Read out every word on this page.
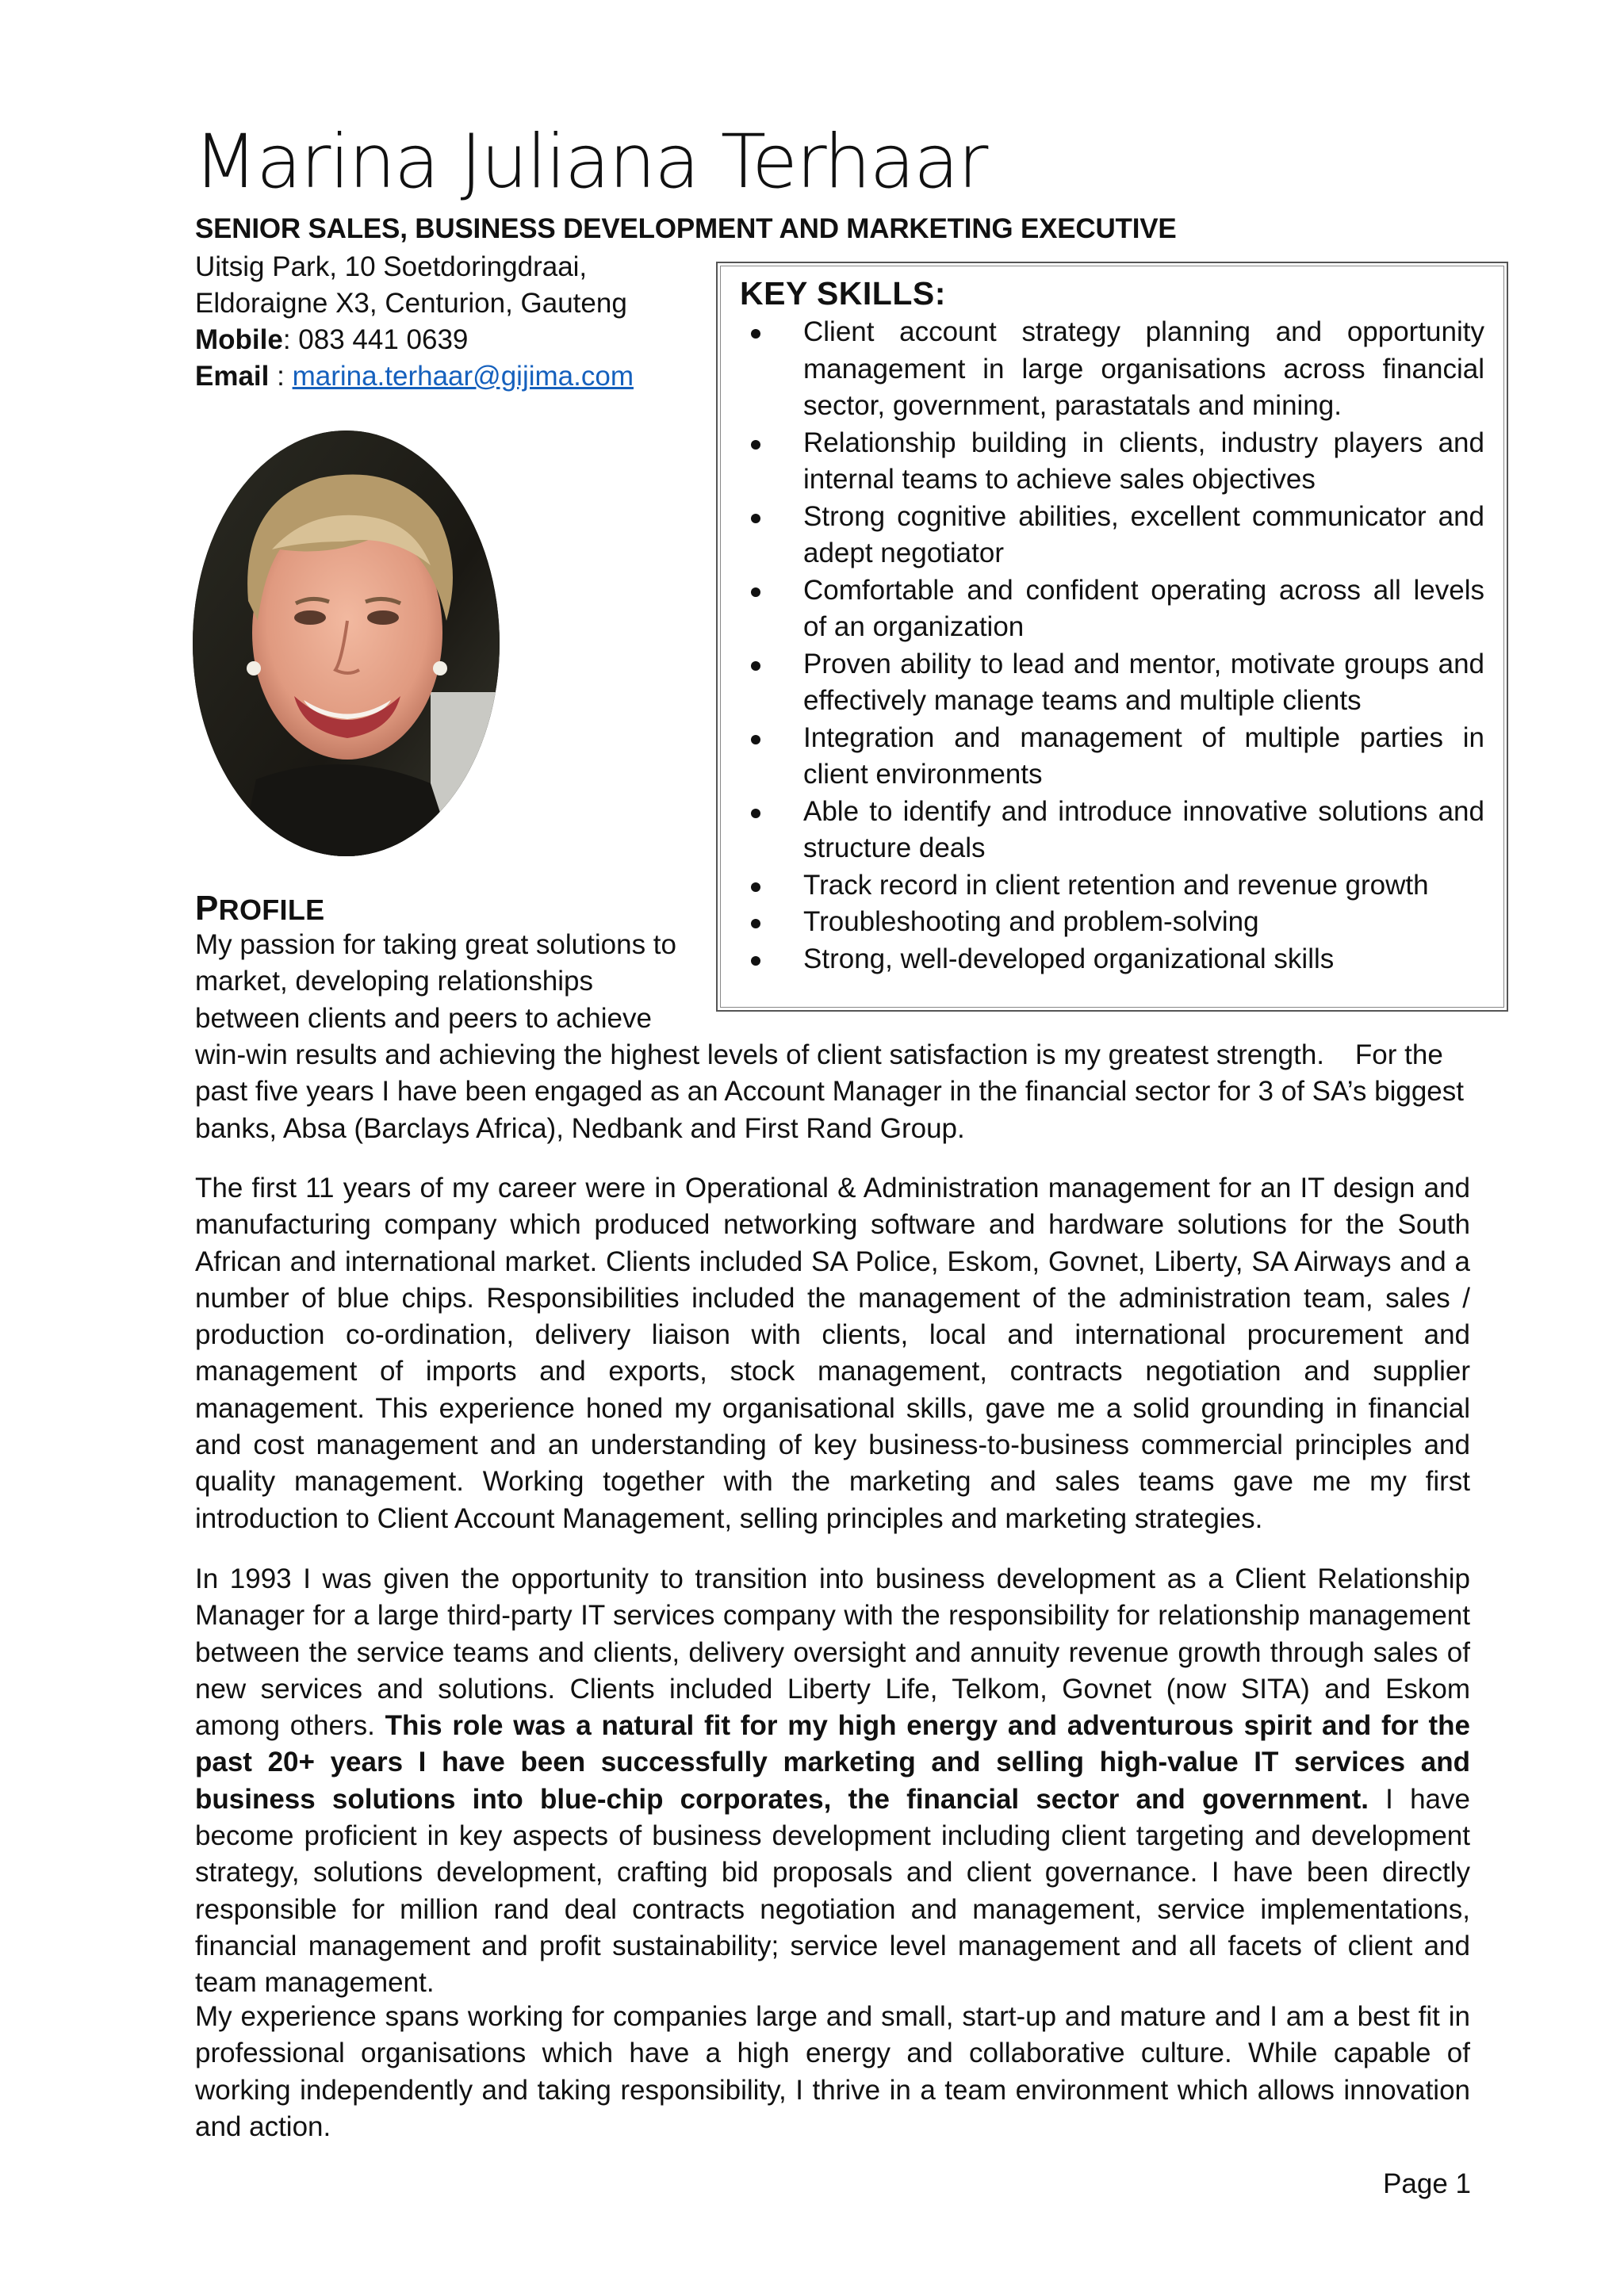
Marina Juliana Terhaar
SENIOR SALES, BUSINESS DEVELOPMENT AND MARKETING EXECUTIVE
Uitsig Park, 10 Soetdoringdraai,
Eldoraigne X3, Centurion, Gauteng
Mobile: 083 441 0639
Email : marina.terhaar@gijima.com
KEY SKILLS:
Client account strategy planning and opportunity management in large organisations across financial sector, government, parastatals and mining.
Relationship building in clients, industry players and internal teams to achieve sales objectives
Strong cognitive abilities, excellent communicator and adept negotiator
Comfortable and confident operating across all levels of an organization
Proven ability to lead and mentor, motivate groups and effectively manage teams and multiple clients
Integration and management of multiple parties in client environments
Able to identify and introduce innovative solutions and structure deals
Track record in client retention and revenue growth
Troubleshooting and problem-solving
Strong, well-developed organizational skills
PROFILE
My passion for taking great solutions to
market, developing relationships
between clients and peers to achieve
win-win results and achieving the highest levels of client satisfaction is my greatest strength.    For the
past five years I have been engaged as an Account Manager in the financial sector for 3 of SA’s biggest
banks, Absa (Barclays Africa), Nedbank and First Rand Group.

The first 11 years of my career were in Operational & Administration management for an IT design and manufacturing company which produced networking software and hardware solutions for the South African and international market. Clients included SA Police, Eskom, Govnet, Liberty, SA Airways and a number of blue chips. Responsibilities included the management of the administration team, sales / production co-ordination, delivery liaison with clients, local and international procurement and management of imports and exports, stock management, contracts negotiation and supplier management. This experience honed my organisational skills, gave me a solid grounding in financial and cost management and an understanding of key business-to-business commercial principles and quality management. Working together with the marketing and sales teams gave me my first introduction to Client Account Management, selling principles and marketing strategies.

In 1993 I was given the opportunity to transition into business development as a Client Relationship Manager for a large third-party IT services company with the responsibility for relationship management between the service teams and clients, delivery oversight and annuity revenue growth through sales of new services and solutions. Clients included Liberty Life, Telkom, Govnet (now SITA) and Eskom among others. This role was a natural fit for my high energy and adventurous spirit and for the past 20+ years I have been successfully marketing and selling high-value IT services and business solutions into blue-chip corporates, the financial sector and government. I have become proficient in key aspects of business development including client targeting and development strategy, solutions development, crafting bid proposals and client governance. I have been directly responsible for million rand deal contracts negotiation and management, service implementations, financial management and profit sustainability; service level management and all facets of client and team management.

My experience spans working for companies large and small, start-up and mature and I am a best fit in professional organisations which have a high energy and collaborative culture. While capable of working independently and taking responsibility, I thrive in a team environment which allows innovation and action.

Page 1
